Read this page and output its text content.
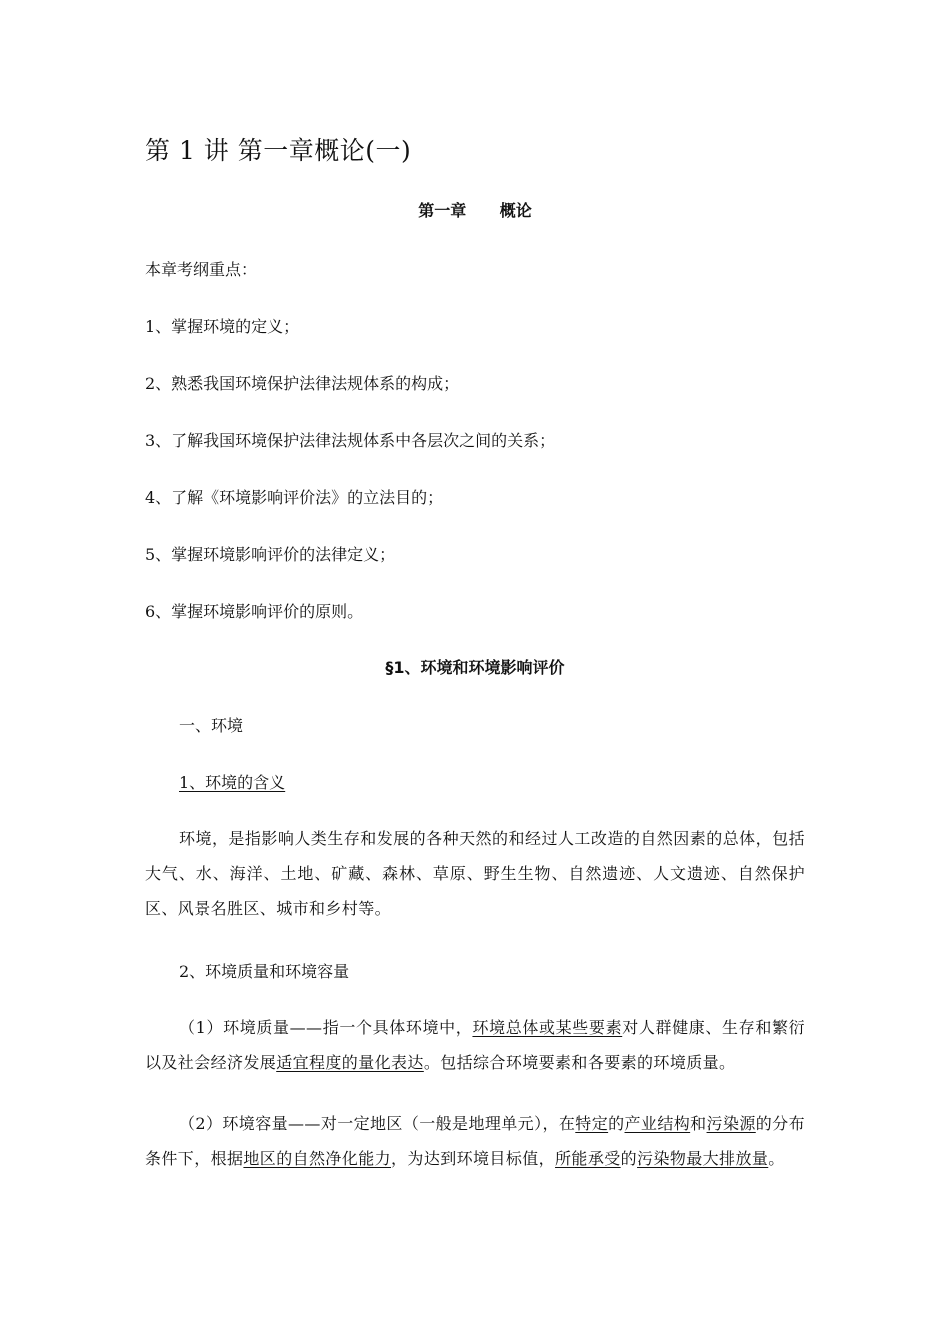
第 1 讲 第一章概论(一)
第一章      概论
本章考纲重点：
1、掌握环境的定义；
2、熟悉我国环境保护法律法规体系的构成；
3、了解我国环境保护法律法规体系中各层次之间的关系；
4、了解《环境影响评价法》的立法目的；
5、掌握环境影响评价的法律定义；
6、掌握环境影响评价的原则。
§1、环境和环境影响评价
一、环境
1、环境的含义
环境，是指影响人类生存和发展的各种天然的和经过人工改造的自然因素的总体，包括大气、水、海洋、土地、矿藏、森林、草原、野生生物、自然遗迹、人文遗迹、自然保护区、风景名胜区、城市和乡村等。
2、环境质量和环境容量
（1）环境质量——指一个具体环境中，环境总体或某些要素对人群健康、生存和繁衍以及社会经济发展适宜程度的量化表达。包括综合环境要素和各要素的环境质量。
（2）环境容量——对一定地区（一般是地理单元），在特定的产业结构和污染源的分布条件下，根据地区的自然净化能力，为达到环境目标值，所能承受的污染物最大排放量。
